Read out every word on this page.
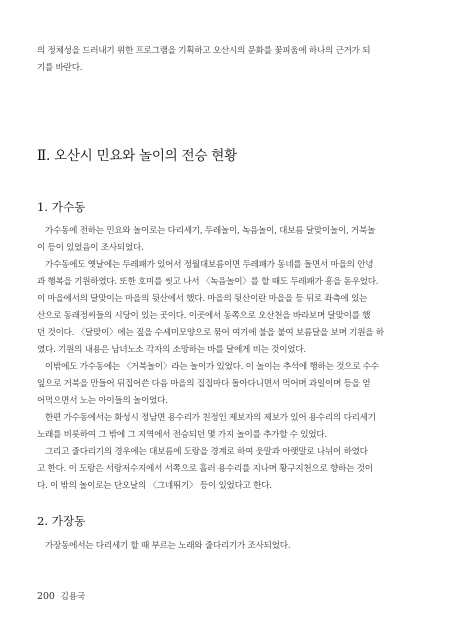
의 정체성을 드러내기 위한 프로그램을 기획하고 오산시의 문화를 꽃피움에 하나의 근거가 되

기를 바란다.

Ⅱ. 오산시 민요와 놀이의 전승 현황
1. 가수동

가수동에 전하는 민요와 놀이로는 다리세기, 두레놀이, 녹음놀이, 대보름 달맞이놀이, 거북놀

이 등이 있었음이 조사되었다.

가수동에도 옛날에는 두레패가 있어서 정월대보름이면 두레패가 동네를 돌면서 마을의 안녕

과 행복을 기원하였다. 또한 호미를 씻고 나서 〈녹음놀이〉를 할 때도 두레패가 흥을 돋우었다.

이 마을에서의 달맞이는 마을의 뒷산에서 했다. 마을의 뒷산이란 마을을 등 뒤로 좌측에 있는

산으로 동래정씨들의 시당이 있는 곳이다. 이곳에서 동쪽으로 오산천을 바라보며 달맞이를 했

던 것이다. 〈달맞이〉에는 짚을 수세미모양으로 묶어 여기에 불을 붙여 보름달을 보며 기원을 하

였다. 기원의 내용은 남녀노소 각자의 소망하는 바를 달에게 비는 것이었다.

이밖에도 가수동에는 〈거북놀이〉라는 놀이가 있었다. 이 놀이는 추석에 행하는 것으로 수수

잎으로 거북을 만들어 뒤집어쓴 다음 마을의 집집마다 돌아다니면서 먹어며 과일이며 등을 얻

어먹으면서 노는 아이들의 놀이었다.

한편 가수동에서는 화성시 정남면 용수리가 친정인 제보자의 제보가 있어 용수리의 다리세기

노래를 비롯하여 그 밖에 그 지역에서 전승되던 몇 가지 놀이를 추가할 수 있었다.

그리고 줄다리기의 경우에는 대보름에 도랑을 경계로 하여 웃말과 아랫말로 나뉘어 하였다

고 한다. 이 도랑은 서랑저수지에서 서쪽으로 흘러 용수리를 지나며 황구지천으로 향하는 것이

다. 이 밖의 놀이로는 단오날의 〈그네뛰기〉 등이 있었다고 한다.

2. 가장동

가장동에서는 다리세기 할 때 부르는 노래와 줄다리기가 조사되었다.

200 김용국
